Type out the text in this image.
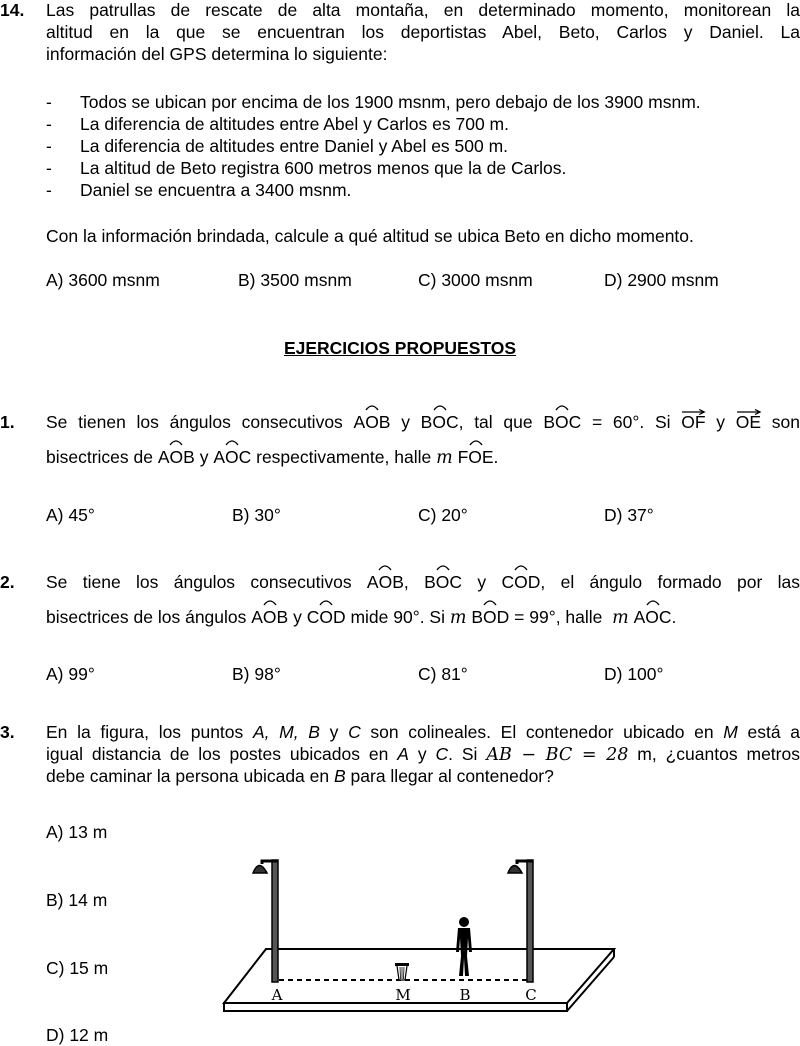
14. Las patrullas de rescate de alta montaña, en determinado momento, monitorean la
altitud en la que se encuentran los deportistas Abel, Beto, Carlos y Daniel. La
información del GPS determina lo siguiente:
- Todos se ubican por encima de los 1900 msnm, pero debajo de los 3900 msnm.
- La diferencia de altitudes entre Abel y Carlos es 700 m.
- La diferencia de altitudes entre Daniel y Abel es 500 m.
- La altitud de Beto registra 600 metros menos que la de Carlos.
- Daniel se encuentra a 3400 msnm.
Con la información brindada, calcule a qué altitud se ubica Beto en dicho momento.
A) 3600 msnm	B) 3500 msnm	C) 3000 msnm	D) 2900 msnm
EJERCICIOS PROPUESTOS
1. Se tienen los ángulos consecutivos
AOB y
BOC, tal que
BOC = 60°. Si
OF y
OE son
bisectrices de
AOB y
AOC respectivamente, halle m FOE.
A) 45°	B) 30°	C) 20°	D) 37°
2. Se tiene los ángulos consecutivos
AOB,
BOC y
COD, el ángulo formado por las
bisectrices de los ángulos
AOB y
COD mide 90°. Si m BOD = 99°, halle  m AOC.
A) 99°	B) 98°	C) 81°	D) 100°
3. En la figura, los puntos A, M, B y C son colineales. El contenedor ubicado en M está a
igual distancia de los postes ubicados en A y C. Si AB − BC = 28 m, ¿cuantos metros
debe caminar la persona ubicada en B para llegar al contenedor?
A) 13 m
B) 14 m
C) 15 m
D) 12 m
A	M	B	C
